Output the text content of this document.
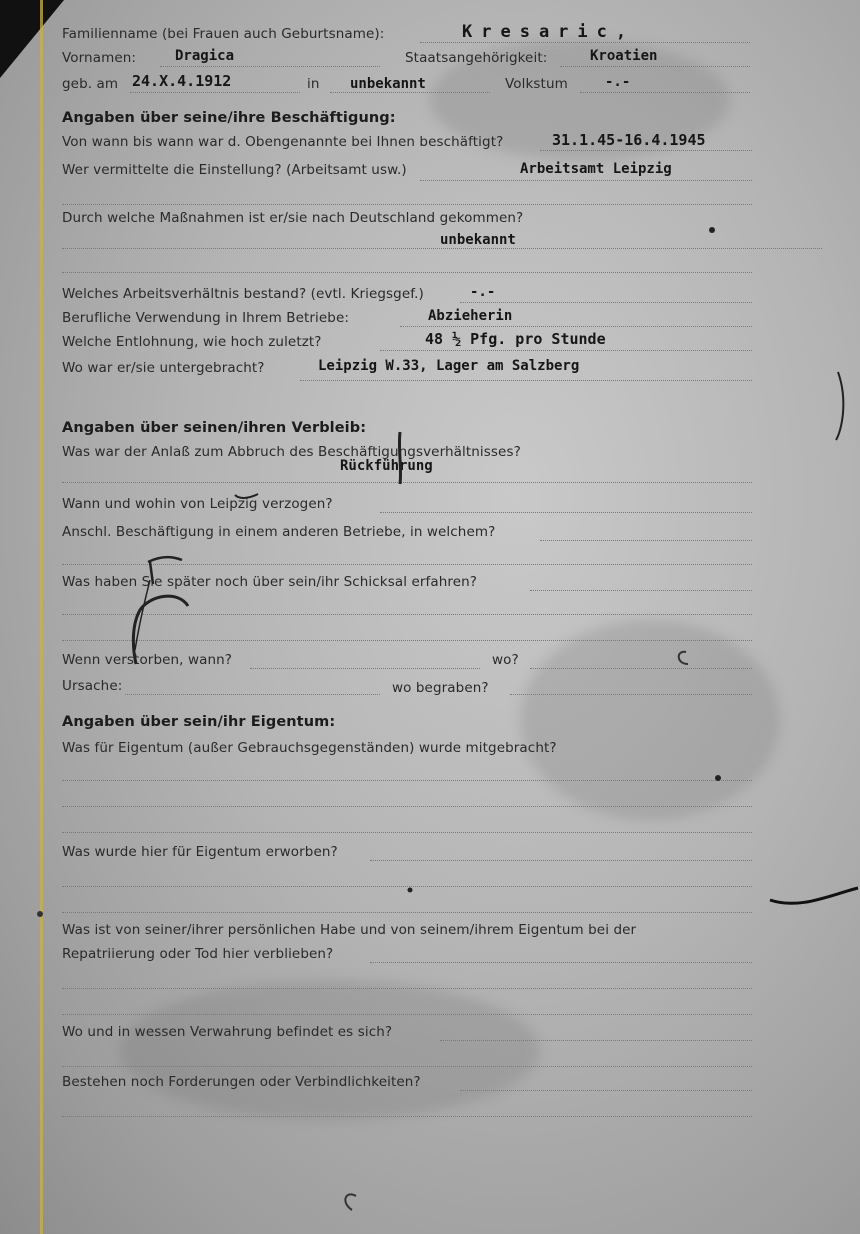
Familienname (bei Frauen auch Geburtsname):	Kresaric,
Vornamen:	Dragica	Staatsangehörigkeit:	Kroatien
geb. am 24.X.4.1912	in unbekannt	Volkstum	-.-
Angaben über seine/ihre Beschäftigung:
Von wann bis wann war d. Obengenannte bei Ihnen beschäftigt?	31.1.45-16.4.1945
Wer vermittelte die Einstellung? (Arbeitsamt usw.)	Arbeitsamt Leipzig
Durch welche Maßnahmen ist er/sie nach Deutschland gekommen?
unbekannt
Welches Arbeitsverhältnis bestand? (evtl. Kriegsgef.)	-.-
Berufliche Verwendung in Ihrem Betriebe:	Abzieherin
Welche Entlohnung, wie hoch zuletzt?	48 ½ Pfg. pro Stunde
Wo war er/sie untergebracht?	Leipzig W.33, Lager am Salzberg
Angaben über seinen/ihren Verbleib:
Was war der Anlaß zum Abbruch des Beschäftigungsverhältnisses?
Rückführung
Wann und wohin von Leipzig verzogen?
Anschl. Beschäftigung in einem anderen Betriebe, in welchem?
Was haben Sie später noch über sein/ihr Schicksal erfahren?
Wenn verstorben, wann?	wo?
Ursache:	wo begraben?
Angaben über sein/ihr Eigentum:
Was für Eigentum (außer Gebrauchsgegenständen) wurde mitgebracht?
Was wurde hier für Eigentum erworben?
Was ist von seiner/ihrer persönlichen Habe und von seinem/ihrem Eigentum bei der
Repatriierung oder Tod hier verblieben?
Wo und in wessen Verwahrung befindet es sich?
Bestehen noch Forderungen oder Verbindlichkeiten?
